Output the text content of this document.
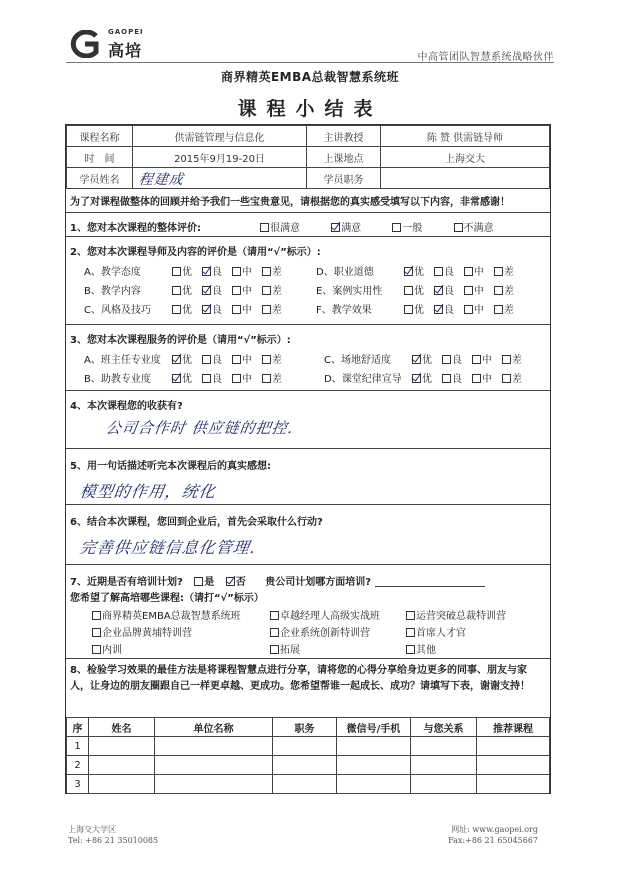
GAOPEI
高培	中高管团队智慧系统战略伙伴
商界精英EMBA总裁智慧系统班
课程小结表
课程名称	供需链管理与信息化	主讲教授	陈 赞 供需链导师
时　间	2015年9月19-20日	上课地点	上海交大
学员姓名	程建成	学员职务	
为了对课程做整体的回顾并给予我们一些宝贵意见，请根据您的真实感受填写以下内容，非常感谢！
1、您对本次课程的整体评价:	很满意	满意	一般	不满意
2、您对本次课程导师及内容的评价是（请用“√”标示）:
A、教学态度	优 良 中 差
B、教学内容	优 良 中 差
C、风格及技巧	优 良 中 差
D、职业道德	优 良 中 差
E、案例实用性	优 良 中 差
F、教学效果	优 良 中 差
3、您对本次课程服务的评价是（请用“√”标示）:
A、班主任专业度 优 良 中 差
B、助教专业度	优 良 中 差
C、场地舒适度	优 良 中 差
D、课堂纪律宣导 优 良 中 差
4、本次课程您的收获有?
公司合作时 供应链的把控.
5、用一句话描述听完本次课程后的真实感想:
模型的作用，统化
6、结合本次课程，您回到企业后，首先会采取什么行动?
完善供应链信息化管理.
7、近期是否有培训计划? 是 否 贵公司计划哪方面培训?
您希望了解高培哪些课程:（请打“√”标示）
商界精英EMBA总裁智慧系统班	卓越经理人高级实战班	运营突破总裁特训营
企业品牌黄埔特训营	企业系统创新特训营	首席人才官
内训	拓展	其他
8、检验学习效果的最佳方法是将课程智慧点进行分享，请将您的心得分享给身边更多的同事、朋友与家人，让身边的朋友圈跟自己一样更卓越、更成功。您希望帮谁一起成长、成功？请填写下表，谢谢支持！
序	姓名	单位名称	职务	微信号/手机	与您关系	推荐课程
1						
2						
3						
上海交大学区
Tel: +86 21 35010085
网址: www.gaopei.org
Fax:+86 21 65045667
